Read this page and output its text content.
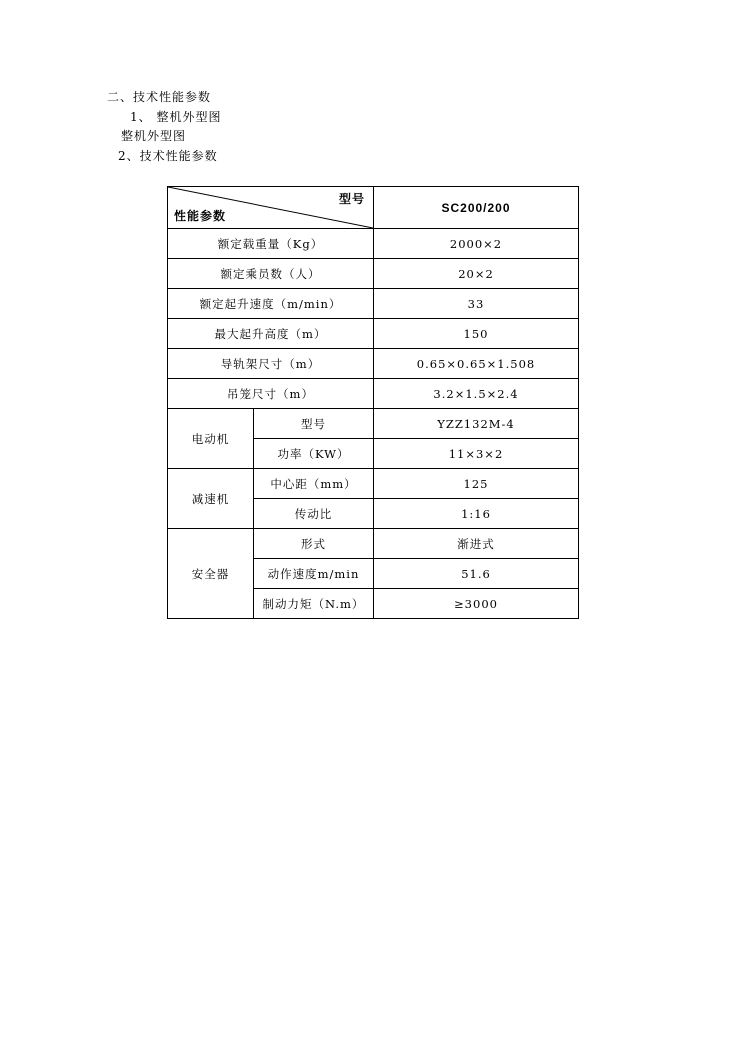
二、技术性能参数
1、 整机外型图
整机外型图
2、技术性能参数
型号
性能参数		SC200/200
额定载重量（Kg）		2000×2
额定乘员数（人）		20×2
额定起升速度（m/min）		33
最大起升高度（m）		150
导轨架尺寸（m）		0.65×0.65×1.508
吊笼尺寸（m）		3.2×1.5×2.4
电动机	型号	YZZ132M-4
	功率（KW）	11×3×2
减速机	中心距（mm）	125
	传动比	1:16
安全器	形式	渐进式
	动作速度m/min	51.6
	制动力矩（N.m）	≥3000
